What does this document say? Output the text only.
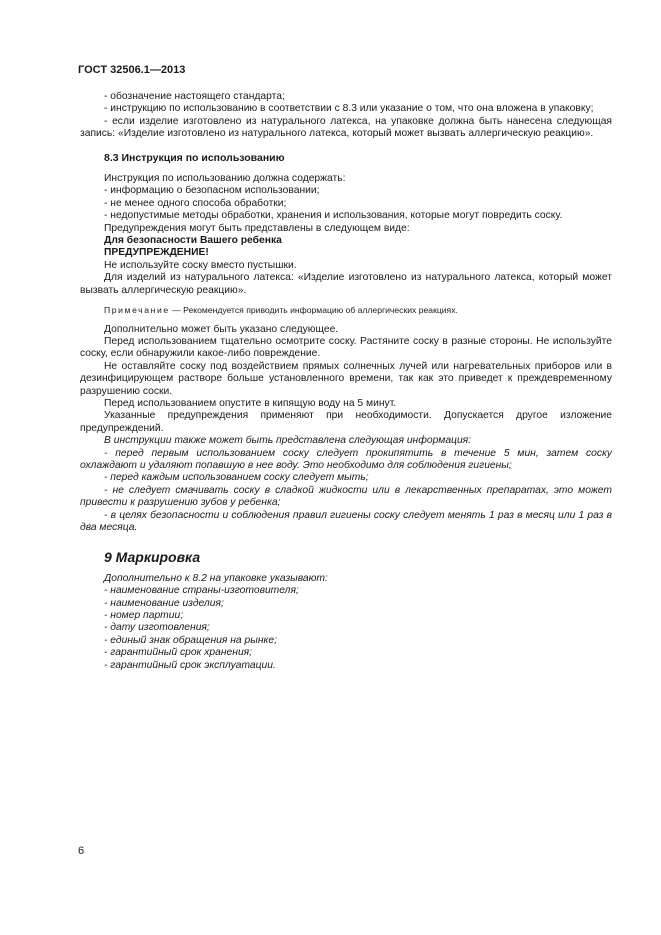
ГОСТ 32506.1—2013

- обозначение настоящего стандарта;

- инструкцию по использованию в соответствии с 8.3 или указание о том, что она вложена в упаковку;

- если изделие изготовлено из натурального латекса, на упаковке должна быть нанесена следующая запись: «Изделие изготовлено из натурального латекса, который может вызвать аллергическую реакцию».

8.3 Инструкция по использованию

Инструкция по использованию должна содержать:

- информацию о безопасном использовании;

- не менее одного способа обработки;

- недопустимые методы обработки, хранения и использования, которые могут повредить соску.

Предупреждения могут быть представлены в следующем виде:

Для безопасности Вашего ребенка

ПРЕДУПРЕЖДЕНИЕ!

Не используйте соску вместо пустышки.

Для изделий из натурального латекса: «Изделие изготовлено из натурального латекса, который может вызвать аллергическую реакцию».

Примечание — Рекомендуется приводить информацию об аллергических реакциях.

Дополнительно может быть указано следующее.

Перед использованием тщательно осмотрите соску. Растяните соску в разные стороны. Не используйте соску, если обнаружили какое-либо повреждение.

Не оставляйте соску под воздействием прямых солнечных лучей или нагревательных приборов или в дезинфицирующем растворе больше установленного времени, так как это приведет к преждевременному разрушению соски.

Перед использованием опустите в кипящую воду на 5 минут.

Указанные предупреждения применяют при необходимости. Допускается другое изложение предупреждений.

В инструкции также может быть представлена следующая информация:

- перед первым использованием соску следует прокипятить в течение 5 мин, затем соску охлаждают и удаляют попавшую в нее воду. Это необходимо для соблюдения гигиены;

- перед каждым использованием соску следует мыть;

- не следует смачивать соску в сладкой жидкости или в лекарственных препаратах, это может привести к разрушению зубов у ребенка;

- в целях безопасности и соблюдения правил гигиены соску следует менять 1 раз в месяц или 1 раз в два месяца.

9 Маркировка

Дополнительно к 8.2 на упаковке указывают:

- наименование страны-изготовителя;

- наименование изделия;

- номер партии;

- дату изготовления;

- единый знак обращения на рынке;

- гарантийный срок хранения;

- гарантийный срок эксплуатации.

6
